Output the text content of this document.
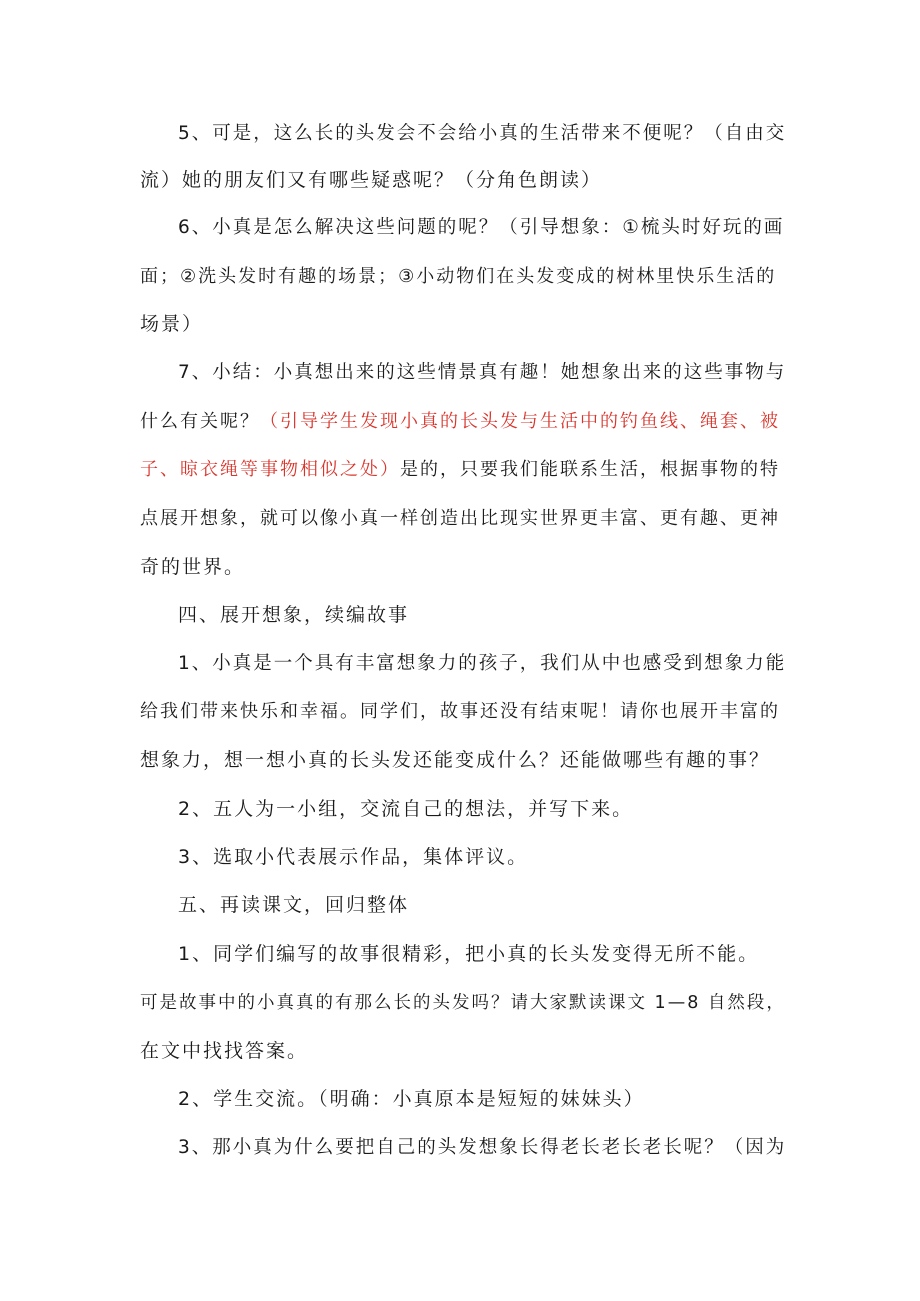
5、可是，这么长的头发会不会给小真的生活带来不便呢？（自由交
流）她的朋友们又有哪些疑惑呢？（分角色朗读）
6、小真是怎么解决这些问题的呢？（引导想象：①梳头时好玩的画
面；②洗头发时有趣的场景；③小动物们在头发变成的树林里快乐生活的
场景）
7、小结：小真想出来的这些情景真有趣！她想象出来的这些事物与
什么有关呢？（引导学生发现小真的长头发与生活中的钓鱼线、绳套、被
子、晾衣绳等事物相似之处）是的，只要我们能联系生活，根据事物的特
点展开想象，就可以像小真一样创造出比现实世界更丰富、更有趣、更神
奇的世界。
四、展开想象，续编故事
1、小真是一个具有丰富想象力的孩子，我们从中也感受到想象力能
给我们带来快乐和幸福。同学们，故事还没有结束呢！请你也展开丰富的
想象力，想一想小真的长头发还能变成什么？还能做哪些有趣的事？
2、五人为一小组，交流自己的想法，并写下来。
3、选取小代表展示作品，集体评议。
五、再读课文，回归整体
1、同学们编写的故事很精彩，把小真的长头发变得无所不能。
可是故事中的小真真的有那么长的头发吗？请大家默读课文 1—8 自然段，
在文中找找答案。
2、学生交流。（明确：小真原本是短短的妹妹头）
3、那小真为什么要把自己的头发想象长得老长老长老长呢？（因为
